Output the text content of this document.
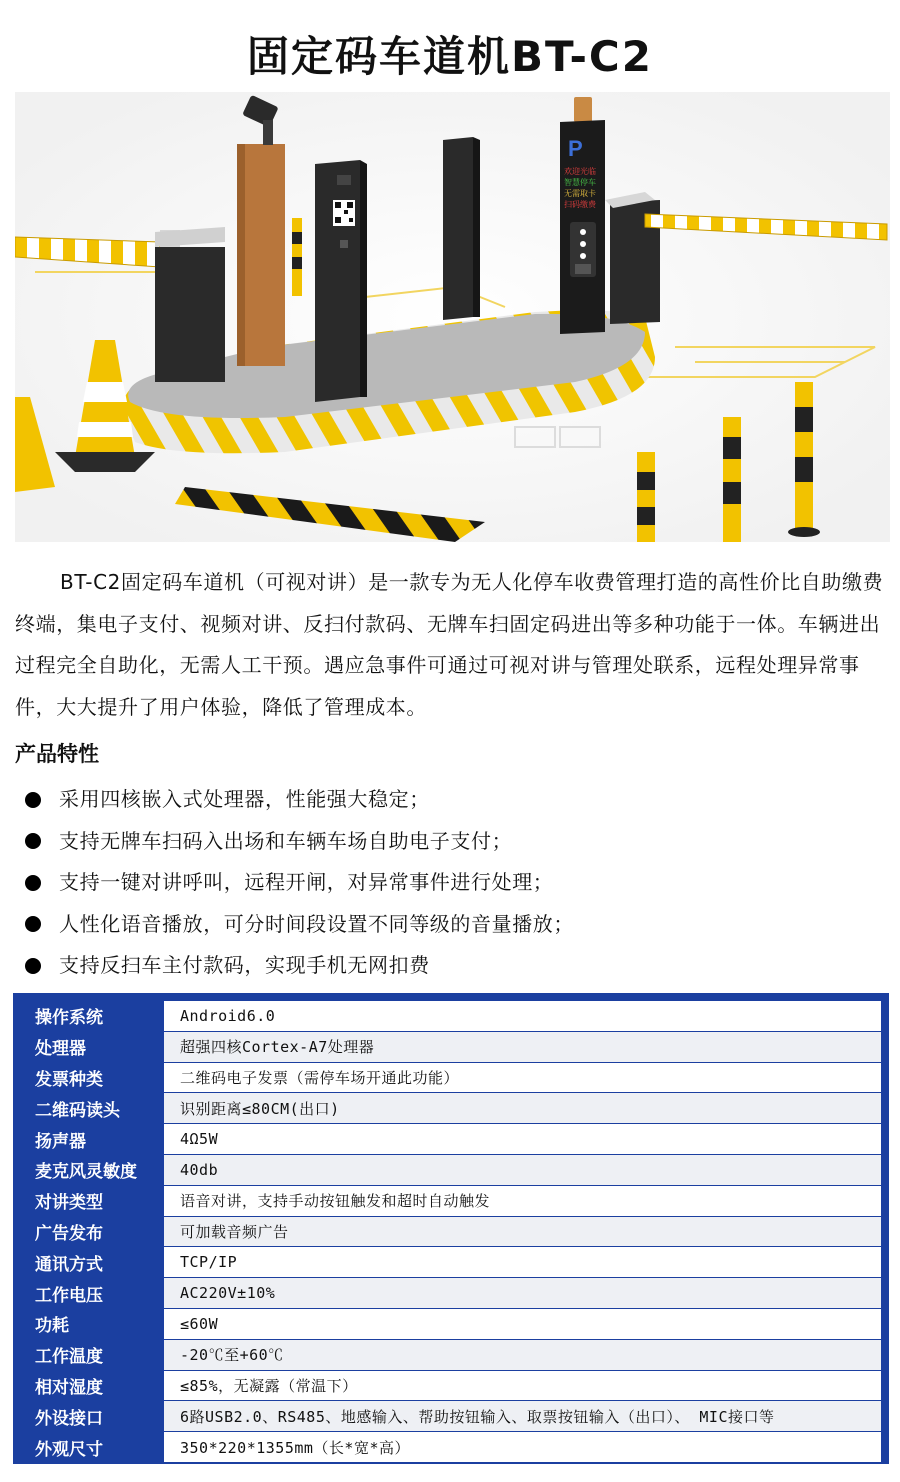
固定码车道机BT-C2
P
欢迎光临
智慧停车
无需取卡
扫码缴费

BT-C2固定码车道机（可视对讲）是一款专为无人化停车收费管理打造的高性价比自助缴费终端，集电子支付、视频对讲、反扫付款码、无牌车扫固定码进出等多种功能于一体。车辆进出过程完全自助化，无需人工干预。遇应急事件可通过可视对讲与管理处联系，远程处理异常事件，大大提升了用户体验，降低了管理成本。

产品特性
采用四核嵌入式处理器，性能强大稳定；
支持无牌车扫码入出场和车辆车场自助电子支付；
支持一键对讲呼叫，远程开闸，对异常事件进行处理；
人性化语音播放，可分时间段设置不同等级的音量播放；
支持反扫车主付款码，实现手机无网扣费
操作系统	Android6.0
处理器	超强四核Cortex-A7处理器
发票种类	二维码电子发票（需停车场开通此功能）
二维码读头	识别距离≤80CM(出口)
扬声器	4Ω5W
麦克风灵敏度	40db
对讲类型	语音对讲，支持手动按钮触发和超时自动触发
广告发布	可加载音频广告
通讯方式	TCP/IP
工作电压	AC220V±10%
功耗	≤60W
工作温度	-20℃至+60℃
相对湿度	≤85%，无凝露（常温下）
外设接口	6路USB2.0、RS485、地感输入、帮助按钮输入、取票按钮输入（出口）、 MIC接口等
外观尺寸	350*220*1355mm（长*宽*高）
